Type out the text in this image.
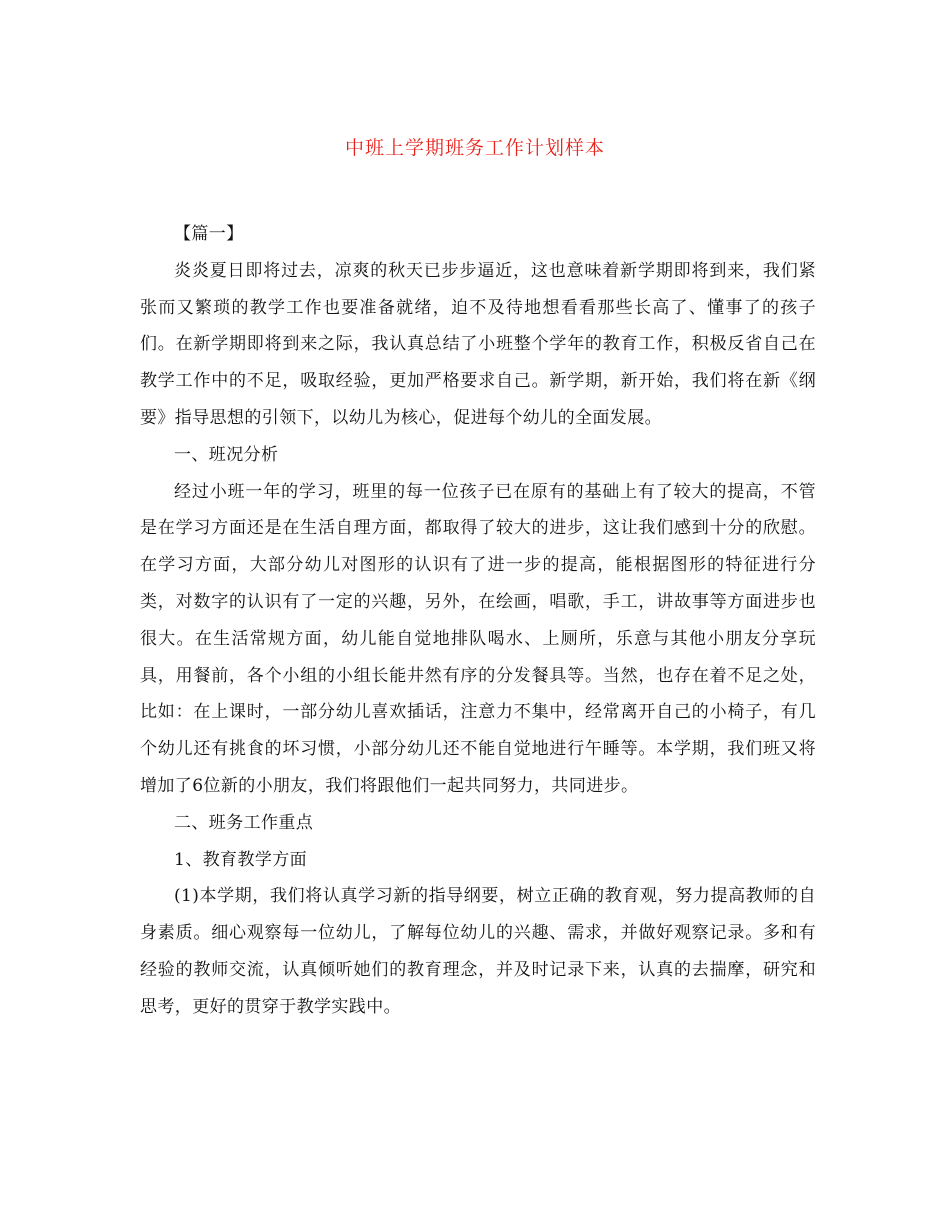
中班上学期班务工作计划样本

【篇一】

炎炎夏日即将过去，凉爽的秋天已步步逼近，这也意味着新学期即将到来，我们紧张而又繁琐的教学工作也要准备就绪，迫不及待地想看看那些长高了、懂事了的孩子们。在新学期即将到来之际，我认真总结了小班整个学年的教育工作，积极反省自己在教学工作中的不足，吸取经验，更加严格要求自己。新学期，新开始，我们将在新《纲要》指导思想的引领下，以幼儿为核心，促进每个幼儿的全面发展。

一、班况分析

经过小班一年的学习，班里的每一位孩子已在原有的基础上有了较大的提高，不管是在学习方面还是在生活自理方面，都取得了较大的进步，这让我们感到十分的欣慰。在学习方面，大部分幼儿对图形的认识有了进一步的提高，能根据图形的特征进行分类，对数字的认识有了一定的兴趣，另外，在绘画，唱歌，手工，讲故事等方面进步也很大。在生活常规方面，幼儿能自觉地排队喝水、上厕所，乐意与其他小朋友分享玩具，用餐前，各个小组的小组长能井然有序的分发餐具等。当然，也存在着不足之处，比如：在上课时，一部分幼儿喜欢插话，注意力不集中，经常离开自己的小椅子，有几个幼儿还有挑食的坏习惯，小部分幼儿还不能自觉地进行午睡等。本学期，我们班又将增加了6位新的小朋友，我们将跟他们一起共同努力，共同进步。

二、班务工作重点

1、教育教学方面

(1)本学期，我们将认真学习新的指导纲要，树立正确的教育观，努力提高教师的自身素质。细心观察每一位幼儿，了解每位幼儿的兴趣、需求，并做好观察记录。多和有经验的教师交流，认真倾听她们的教育理念，并及时记录下来，认真的去揣摩，研究和思考，更好的贯穿于教学实践中。
